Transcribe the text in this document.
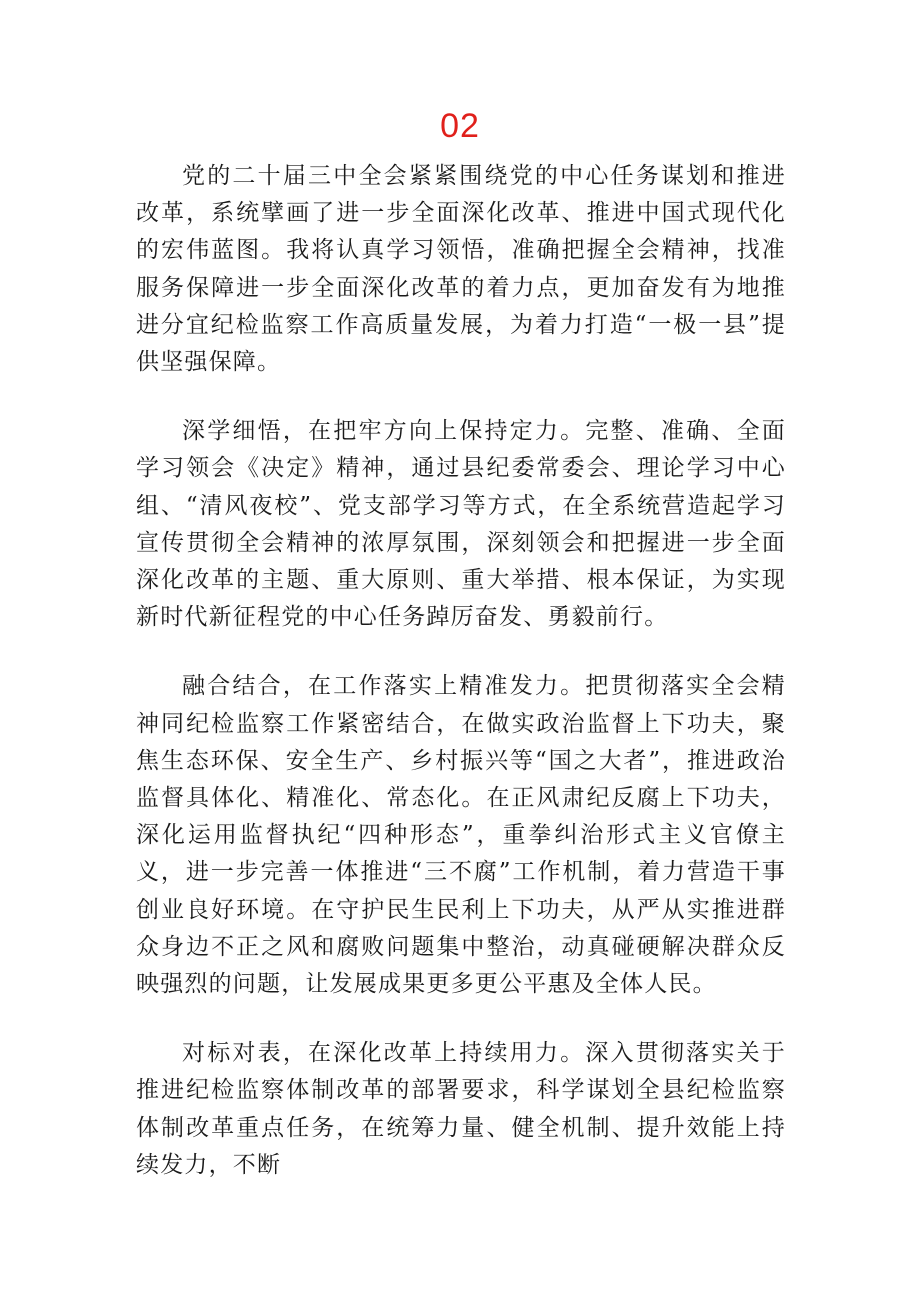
02

党的二十届三中全会紧紧围绕党的中心任务谋划和推进改革，系统擘画了进一步全面深化改革、推进中国式现代化的宏伟蓝图。我将认真学习领悟，准确把握全会精神，找准服务保障进一步全面深化改革的着力点，更加奋发有为地推进分宜纪检监察工作高质量发展，为着力打造“一极一县”提供坚强保障。

深学细悟，在把牢方向上保持定力。完整、准确、全面学习领会《决定》精神，通过县纪委常委会、理论学习中心组、“清风夜校”、党支部学习等方式，在全系统营造起学习宣传贯彻全会精神的浓厚氛围，深刻领会和把握进一步全面深化改革的主题、重大原则、重大举措、根本保证，为实现新时代新征程党的中心任务踔厉奋发、勇毅前行。

融合结合，在工作落实上精准发力。把贯彻落实全会精神同纪检监察工作紧密结合，在做实政治监督上下功夫，聚焦生态环保、安全生产、乡村振兴等“国之大者”，推进政治监督具体化、精准化、常态化。在正风肃纪反腐上下功夫，深化运用监督执纪“四种形态”，重拳纠治形式主义官僚主义，进一步完善一体推进“三不腐”工作机制，着力营造干事创业良好环境。在守护民生民利上下功夫，从严从实推进群众身边不正之风和腐败问题集中整治，动真碰硬解决群众反映强烈的问题，让发展成果更多更公平惠及全体人民。

对标对表，在深化改革上持续用力。深入贯彻落实关于推进纪检监察体制改革的部署要求，科学谋划全县纪检监察体制改革重点任务，在统筹力量、健全机制、提升效能上持续发力，不断
